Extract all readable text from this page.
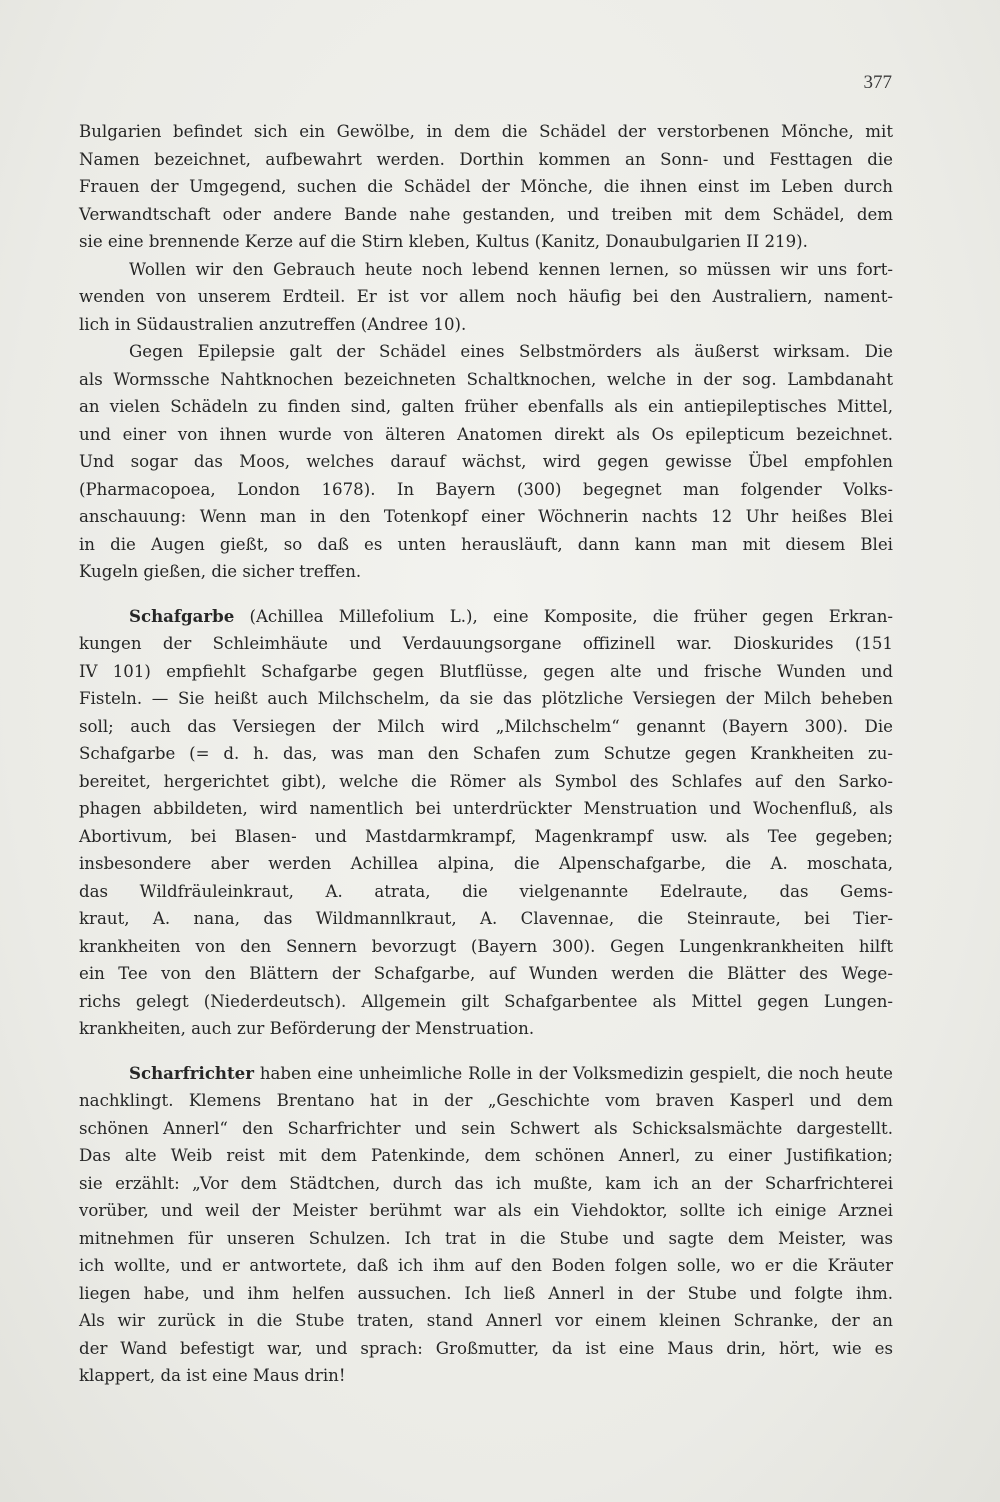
377
Bulgarien befindet sich ein Gewölbe, in dem die Schädel der verstorbenen Mönche, mit
Namen bezeichnet, aufbewahrt werden. Dorthin kommen an Sonn- und Festtagen die
Frauen der Umgegend, suchen die Schädel der Mönche, die ihnen einst im Leben durch
Verwandtschaft oder andere Bande nahe gestanden, und treiben mit dem Schädel, dem
sie eine brennende Kerze auf die Stirn kleben, Kultus (Kanitz, Donaubulgarien II 219).
Wollen wir den Gebrauch heute noch lebend kennen lernen, so müssen wir uns fort-
wenden von unserem Erdteil. Er ist vor allem noch häufig bei den Australiern, nament-
lich in Südaustralien anzutreffen (Andree 10).
Gegen Epilepsie galt der Schädel eines Selbstmörders als äußerst wirksam. Die
als Wormssche Nahtknochen bezeichneten Schaltknochen, welche in der sog. Lambdanaht
an vielen Schädeln zu finden sind, galten früher ebenfalls als ein antiepileptisches Mittel,
und einer von ihnen wurde von älteren Anatomen direkt als Os epilepticum bezeichnet.
Und sogar das Moos, welches darauf wächst, wird gegen gewisse Übel empfohlen
(Pharmacopoea, London 1678). In Bayern (300) begegnet man folgender Volks-
anschauung: Wenn man in den Totenkopf einer Wöchnerin nachts 12 Uhr heißes Blei
in die Augen gießt, so daß es unten herausläuft, dann kann man mit diesem Blei
Kugeln gießen, die sicher treffen.
Schafgarbe (Achillea Millefolium L.), eine Komposite, die früher gegen Erkran-
kungen der Schleimhäute und Verdauungsorgane offizinell war. Dioskurides (151
IV 101) empfiehlt Schafgarbe gegen Blutflüsse, gegen alte und frische Wunden und
Fisteln. — Sie heißt auch Milchschelm, da sie das plötzliche Versiegen der Milch beheben
soll; auch das Versiegen der Milch wird „Milchschelm“ genannt (Bayern 300). Die
Schafgarbe (= d. h. das, was man den Schafen zum Schutze gegen Krankheiten zu-
bereitet, hergerichtet gibt), welche die Römer als Symbol des Schlafes auf den Sarko-
phagen abbildeten, wird namentlich bei unterdrückter Menstruation und Wochenfluß, als
Abortivum, bei Blasen- und Mastdarmkrampf, Magenkrampf usw. als Tee gegeben;
insbesondere aber werden Achillea alpina, die Alpenschafgarbe, die A. moschata,
das Wildfräuleinkraut, A. atrata, die vielgenannte Edelraute, das Gems-
kraut, A. nana, das Wildmannlkraut, A. Clavennae, die Steinraute, bei Tier-
krankheiten von den Sennern bevorzugt (Bayern 300). Gegen Lungenkrankheiten hilft
ein Tee von den Blättern der Schafgarbe, auf Wunden werden die Blätter des Wege-
richs gelegt (Niederdeutsch). Allgemein gilt Schafgarbentee als Mittel gegen Lungen-
krankheiten, auch zur Beförderung der Menstruation.
Scharfrichter haben eine unheimliche Rolle in der Volksmedizin gespielt, die noch heute
nachklingt. Klemens Brentano hat in der „Geschichte vom braven Kasperl und dem
schönen Annerl“ den Scharfrichter und sein Schwert als Schicksalsmächte dargestellt.
Das alte Weib reist mit dem Patenkinde, dem schönen Annerl, zu einer Justifikation;
sie erzählt: „Vor dem Städtchen, durch das ich mußte, kam ich an der Scharfrichterei
vorüber, und weil der Meister berühmt war als ein Viehdoktor, sollte ich einige Arznei
mitnehmen für unseren Schulzen. Ich trat in die Stube und sagte dem Meister, was
ich wollte, und er antwortete, daß ich ihm auf den Boden folgen solle, wo er die Kräuter
liegen habe, und ihm helfen aussuchen. Ich ließ Annerl in der Stube und folgte ihm.
Als wir zurück in die Stube traten, stand Annerl vor einem kleinen Schranke, der an
der Wand befestigt war, und sprach: Großmutter, da ist eine Maus drin, hört, wie es
klappert, da ist eine Maus drin!
